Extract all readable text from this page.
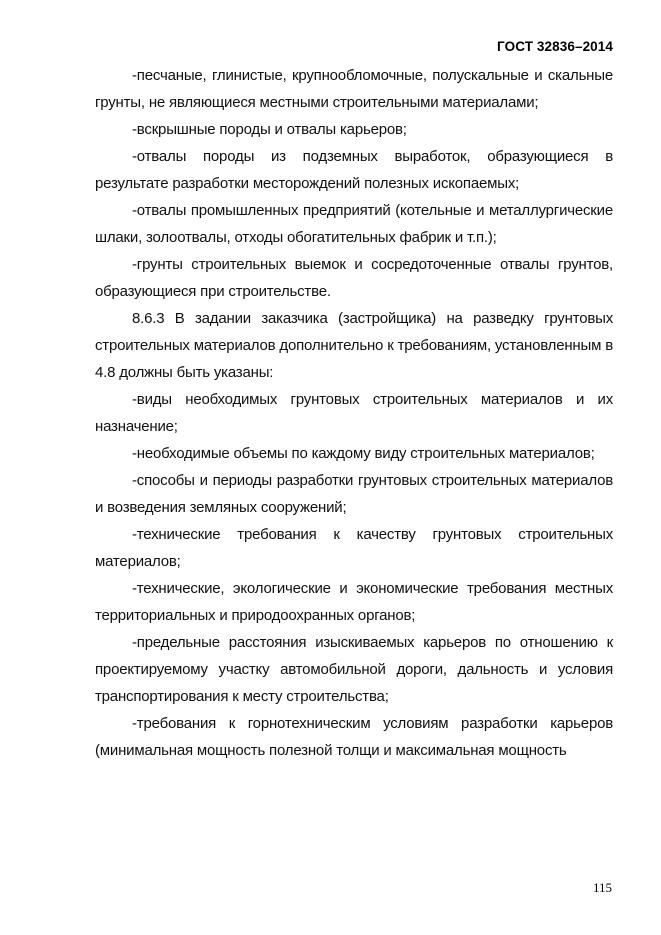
ГОСТ 32836–2014

-песчаные, глинистые, крупнообломочные, полускальные и скальные грунты, не являющиеся местными строительными материалами;

-вскрышные породы и отвалы карьеров;

-отвалы породы из подземных выработок, образующиеся в результате разработки месторождений полезных ископаемых;

-отвалы промышленных предприятий (котельные и металлургические шлаки, золоотвалы, отходы обогатительных фабрик и т.п.);

-грунты строительных выемок и сосредоточенные отвалы грунтов, образующиеся при строительстве.

8.6.3 В задании заказчика (застройщика) на разведку грунтовых строительных материалов дополнительно к требованиям, установленным в 4.8 должны быть указаны:

-виды необходимых грунтовых строительных материалов и их назначение;

-необходимые объемы по каждому виду строительных материалов;

-способы и периоды разработки грунтовых строительных материалов и возведения земляных сооружений;

-технические требования к качеству грунтовых строительных материалов;

-технические, экологические и экономические требования местных территориальных и природоохранных органов;

-предельные расстояния изыскиваемых карьеров по отношению к проектируемому участку автомобильной дороги, дальность и условия транспортирования к месту строительства;

-требования к горнотехническим условиям разработки карьеров (минимальная мощность полезной толщи и максимальная мощность

115
